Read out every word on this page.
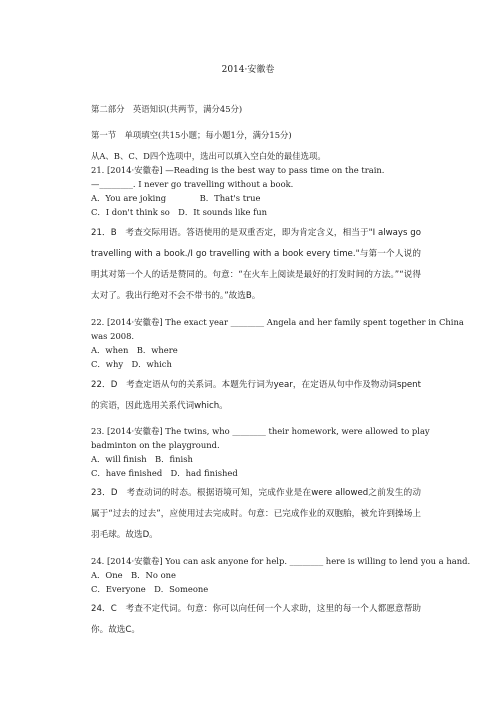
2014·安徽卷
第二部分　英语知识(共两节，满分45分)
第一节　单项填空(共15小题；每小题1分，满分15分)
从A、B、C、D四个选项中，选出可以填入空白处的最佳选项。
21. [2014·安徽卷] —Reading is the best way to pass time on the train.
—________. I never go travelling without a book.
A．You are joking　　　　B．That's true
C．I don't think so　D．It sounds like fun
21．B　考查交际用语。答语使用的是双重否定，即为肯定含义，相当于"I always go
travelling with a book./I go travelling with a book every time."与第一个人说的
明其对第一个人的话是赞同的。句意：“在火车上阅读是最好的打发时间的方法。”“说得
太对了。我出行绝对不会不带书的。”故选B。
22. [2014·安徽卷] The exact year ________ Angela and her family spent together in China
was 2008.
A．when　B．where
C．why　D．which
22．D　考查定语从句的关系词。本题先行词为year，在定语从句中作及物动词spent
的宾语，因此选用关系代词which。
23. [2014·安徽卷] The twins, who ________ their homework, were allowed to play
badminton on the playground.
A．will finish　B．finish
C．have finished　D．had finished
23．D　考查动词的时态。根据语境可知，完成作业是在were allowed之前发生的动
属于“过去的过去”，应使用过去完成时。句意：已完成作业的双胞胎，被允许到操场上
羽毛球。故选D。
24. [2014·安徽卷] You can ask anyone for help. ________ here is willing to lend you a hand.
A．One　B．No one
C．Everyone　D．Someone
24．C　考查不定代词。句意：你可以向任何一个人求助，这里的每一个人都愿意帮助
你。故选C。
